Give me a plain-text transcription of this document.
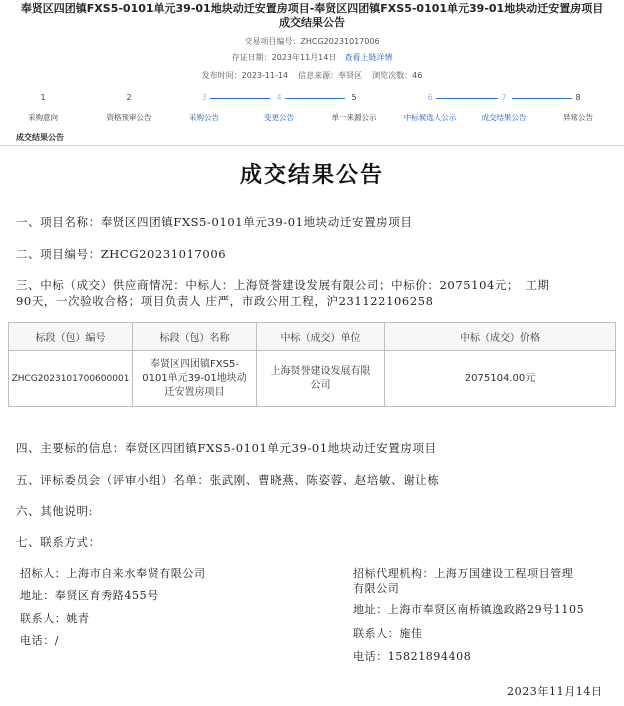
奉贤区四团镇FXS5-0101单元39-01地块动迁安置房项目-奉贤区四团镇FXS5-0101单元39-01地块动迁安置房项目
成交结果公告
交易项目编号：ZHCG20231017006
存证日期：2023年11月14日 查看上链详情
发布时间：2023-11-14 信息来源：奉贤区 浏览次数：46
1
采购意向
2
资格预审公告
3
采购公告
4
变更公告
5
单一来源公示
6
中标候选人公示
7
成交结果公告
8
异常公告
成交结果公告
成交结果公告
一、项目名称：奉贤区四团镇FXS5-0101单元39-01地块动迁安置房项目
二、项目编号：ZHCG20231017006
三、中标（成交）供应商情况：中标人：上海贤誉建设发展有限公司；中标价：2075104元；　工期
90天，一次验收合格；项目负责人 庄严，市政公用工程，沪231122106258
标段（包）编号	标段（包）名称	中标（成交）单位	中标（成交）价格
ZHCG2023101700600001	奉贤区四团镇FXS5-0101单元39-01地块动迁安置房项目	上海贤誉建设发展有限公司	2075104.00元
四、主要标的信息：奉贤区四团镇FXS5-0101单元39-01地块动迁安置房项目
五、评标委员会（评审小组）名单：张武刚、曹晓燕、陈姿蓉、赵培敏、谢让栋
六、其他说明:
七、联系方式：
招标人：上海市自来水奉贤有限公司
地址：奉贤区育秀路455号
联系人：姚青
电话：/
招标代理机构：上海万国建设工程项目管理
有限公司
地址：上海市奉贤区南桥镇逸政路29号1105
联系人：施佳
电话：15821894408
2023年11月14日
